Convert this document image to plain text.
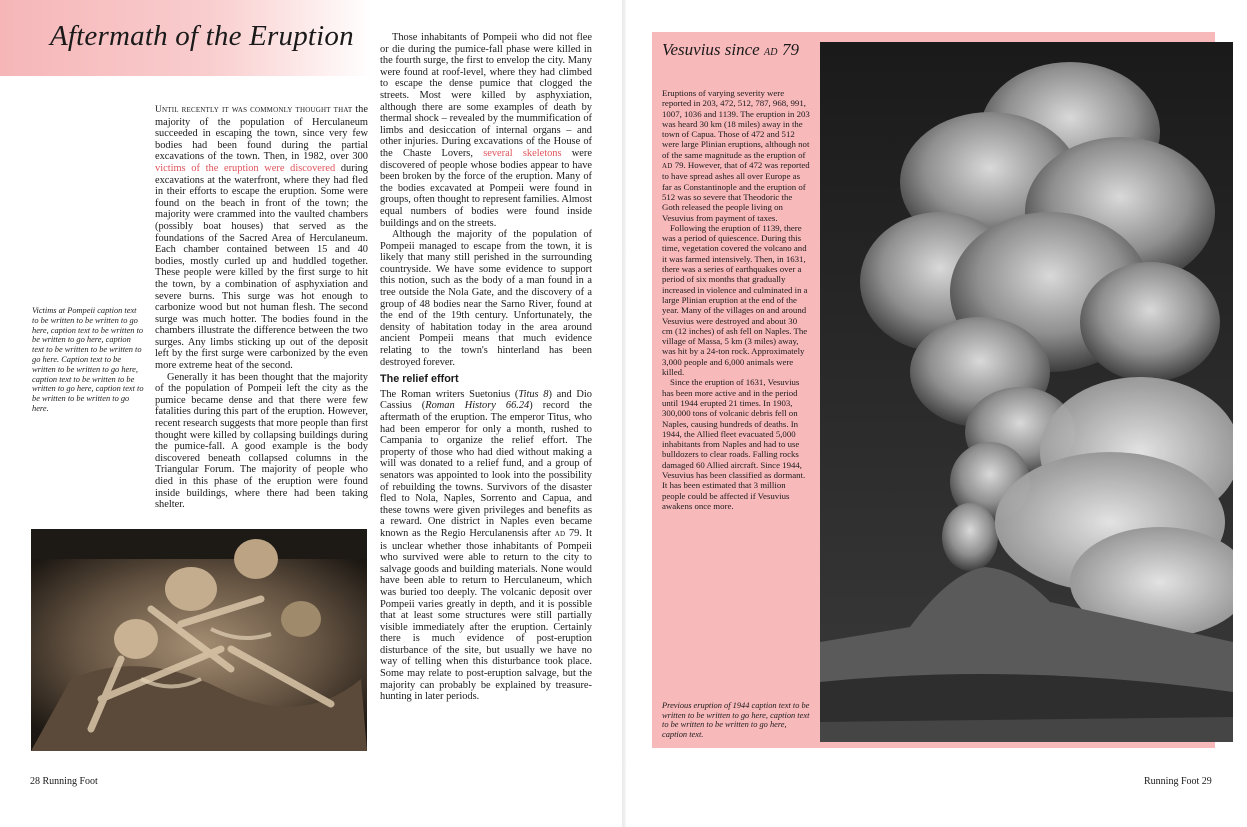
Aftermath of the Eruption

Until recently it was commonly thought that the majority of the population of Herculaneum succeeded in escaping the town, since very few bodies had been found during the partial excavations of the town. Then, in 1982, over 300 victims of the eruption were discovered during excavations at the waterfront, where they had fled in their efforts to escape the eruption. Some were found on the beach in front of the town; the majority were crammed into the vaulted chambers (possibly boat houses) that served as the foundations of the Sacred Area of Herculaneum. Each chamber contained between 15 and 40 bodies, mostly curled up and huddled together. These people were killed by the first surge to hit the town, by a combination of asphyxiation and severe burns. This surge was hot enough to carbonize wood but not human flesh. The second surge was much hotter. The bodies found in the chambers illustrate the difference between the two surges. Any limbs sticking up out of the deposit left by the first surge were carbonized by the even more extreme heat of the second.

Generally it has been thought that the majority of the population of Pompeii left the city as the pumice became dense and that there were few fatalities during this part of the eruption. However, recent research suggests that more people than first thought were killed by collapsing buildings during the pumice-fall. A good example is the body discovered beneath collapsed columns in the Triangular Forum. The majority of people who died in this phase of the eruption were found inside buildings, where there had been taking shelter.

Those inhabitants of Pompeii who did not flee or die during the pumice-fall phase were killed in the fourth surge, the first to envelop the city. Many were found at roof-level, where they had climbed to escape the dense pumice that clogged the streets. Most were killed by asphyxiation, although there are some examples of death by thermal shock – revealed by the mummification of limbs and desiccation of internal organs – and other injuries. During excavations of the House of the Chaste Lovers, several skeletons were discovered of people whose bodies appear to have been broken by the force of the eruption. Many of the bodies excavated at Pompeii were found in groups, often thought to represent families. Almost equal numbers of bodies were found inside buildings and on the streets.

Although the majority of the population of Pompeii managed to escape from the town, it is likely that many still perished in the surrounding countryside. We have some evidence to support this notion, such as the body of a man found in a tree outside the Nola Gate, and the discovery of a group of 48 bodies near the Sarno River, found at the end of the 19th century. Unfortunately, the density of habitation today in the area around ancient Pompeii means that much evidence relating to the town's hinterland has been destroyed forever.

The relief effort

The Roman writers Suetonius (Titus 8) and Dio Cassius (Roman History 66.24) record the aftermath of the eruption. The emperor Titus, who had been emperor for only a month, rushed to Campania to organize the relief effort. The property of those who had died without making a will was donated to a relief fund, and a group of senators was appointed to look into the possibility of rebuilding the towns. Survivors of the disaster fled to Nola, Naples, Sorrento and Capua, and these towns were given privileges and benefits as a reward. One district in Naples even became known as the Regio Herculanensis after ad 79. It is unclear whether those inhabitants of Pompeii who survived were able to return to the city to salvage goods and building materials. None would have been able to return to Herculaneum, which was buried too deeply. The volcanic deposit over Pompeii varies greatly in depth, and it is possible that at least some structures were still partially visible immediately after the eruption. Certainly there is much evidence of post-eruption disturbance of the site, but usually we have no way of telling when this disturbance took place. Some may relate to post-eruption salvage, but the majority can probably be explained by treasure-hunting in later periods.

Victims at Pompeii caption text to be written to be written to go here, caption text to be written to be written to go here, caption text to be written to be written to go here. Caption text to be written to be written to go here, caption text to be written to be written to go here, caption text to be written to be written to go here.
28 Running Foot
Vesuvius since ad 79

Eruptions of varying severity were reported in 203, 472, 512, 787, 968, 991, 1007, 1036 and 1139. The eruption in 203 was heard 30 km (18 miles) away in the town of Capua. Those of 472 and 512 were large Plinian eruptions, although not of the same magnitude as the eruption of ad 79. However, that of 472 was reported to have spread ashes all over Europe as far as Constantinople and the eruption of 512 was so severe that Theodoric the Goth released the people living on Vesuvius from payment of taxes.

Following the eruption of 1139, there was a period of quiescence. During this time, vegetation covered the volcano and it was farmed intensively. Then, in 1631, there was a series of earthquakes over a period of six months that gradually increased in violence and culminated in a large Plinian eruption at the end of the year. Many of the villages on and around Vesuvius were destroyed and about 30 cm (12 inches) of ash fell on Naples. The village of Massa, 5 km (3 miles) away, was hit by a 24-ton rock. Approximately 3,000 people and 6,000 animals were killed.

Since the eruption of 1631, Vesuvius has been more active and in the period until 1944 erupted 21 times. In 1903, 300,000 tons of volcanic debris fell on Naples, causing hundreds of deaths. In 1944, the Allied fleet evacuated 5,000 inhabitants from Naples and had to use bulldozers to clear roads. Falling rocks damaged 60 Allied aircraft. Since 1944, Vesuvius has been classified as dormant. It has been estimated that 3 million people could be affected if Vesuvius awakens once more.

Previous eruption of 1944 caption text to be written to be written to go here, caption text to be written to be written to go here, caption text.
Running Foot 29
